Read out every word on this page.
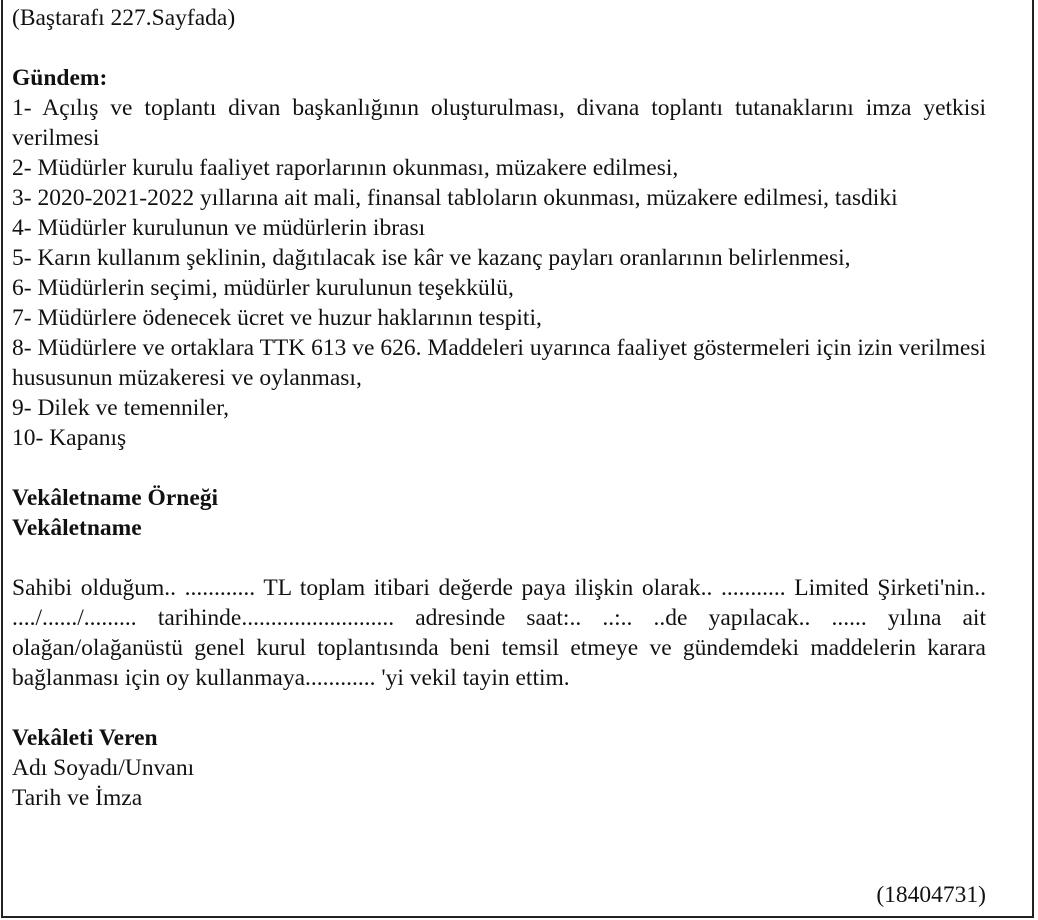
(Baştarafı 227.Sayfada)

Gündem:

1- Açılış ve toplantı divan başkanlığının oluşturulması, divana toplantı tutanaklarını imza yetkisi verilmesi

2- Müdürler kurulu faaliyet raporlarının okunması, müzakere edilmesi,

3- 2020-2021-2022 yıllarına ait mali, finansal tabloların okunması, müzakere edilmesi, tasdiki

4- Müdürler kurulunun ve müdürlerin ibrası

5- Karın kullanım şeklinin, dağıtılacak ise kâr ve kazanç payları oranlarının belirlenmesi,

6- Müdürlerin seçimi, müdürler kurulunun teşekkülü,

7- Müdürlere ödenecek ücret ve huzur haklarının tespiti,

8- Müdürlere ve ortaklara TTK 613 ve 626. Maddeleri uyarınca faaliyet göstermeleri için izin verilmesi hususunun müzakeresi ve oylanması,

9- Dilek ve temenniler,

10- Kapanış

Vekâletname Örneği

Vekâletname

Sahibi olduğum.. ............ TL toplam itibari değerde paya ilişkin olarak.. ........... Limited Şirketi'nin.. ..../....../......... tarihinde.......................... adresinde saat:.. ..:.. ..de yapılacak.. ...... yılına ait olağan/olağanüstü genel kurul toplantısında beni temsil etmeye ve gündemdeki maddelerin karara bağlanması için oy kullanmaya............ 'yi vekil tayin ettim.

Vekâleti Veren

Adı Soyadı/Unvanı

Tarih ve İmza

(18404731)
